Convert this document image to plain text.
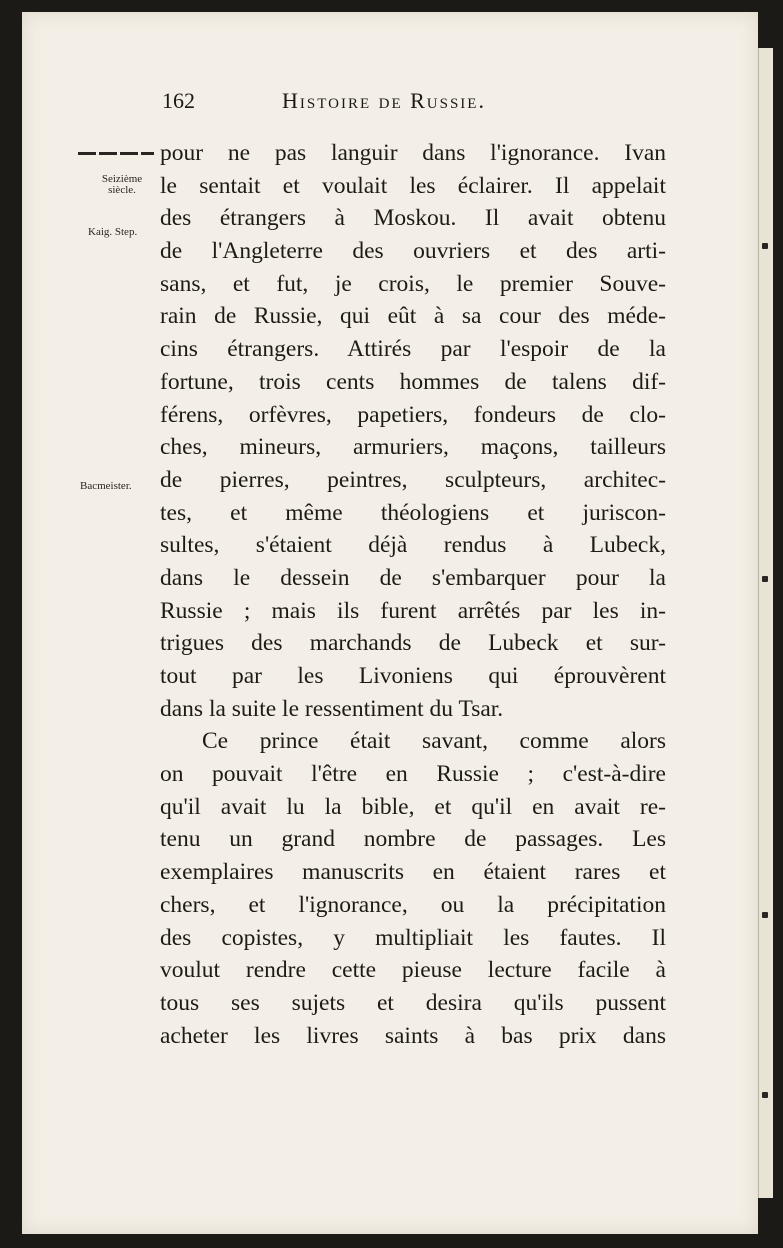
162	Histoire de Russie.
Seizième siècle.
Kaig. Step.
Bacmeister.
pour ne pas languir dans l'ignorance. Ivan
le sentait et voulait les éclairer. Il appelait
des étrangers à Moskou. Il avait obtenu
de l'Angleterre des ouvriers et des arti-
sans, et fut, je crois, le premier Souve-
rain de Russie, qui eût à sa cour des méde-
cins étrangers. Attirés par l'espoir de la
fortune, trois cents hommes de talens dif-
férens, orfèvres, papetiers, fondeurs de clo-
ches, mineurs, armuriers, maçons, tailleurs
de pierres, peintres, sculpteurs, architec-
tes, et même théologiens et juriscon-
sultes, s'étaient déjà rendus à Lubeck,
dans le dessein de s'embarquer pour la
Russie ; mais ils furent arrêtés par les in-
trigues des marchands de Lubeck et sur-
tout par les Livoniens qui éprouvèrent
dans la suite le ressentiment du Tsar.
Ce prince était savant, comme alors
on pouvait l'être en Russie ; c'est-à-dire
qu'il avait lu la bible, et qu'il en avait re-
tenu un grand nombre de passages. Les
exemplaires manuscrits en étaient rares et
chers, et l'ignorance, ou la précipitation
des copistes, y multipliait les fautes. Il
voulut rendre cette pieuse lecture facile à
tous ses sujets et desira qu'ils pussent
acheter les livres saints à bas prix dans
